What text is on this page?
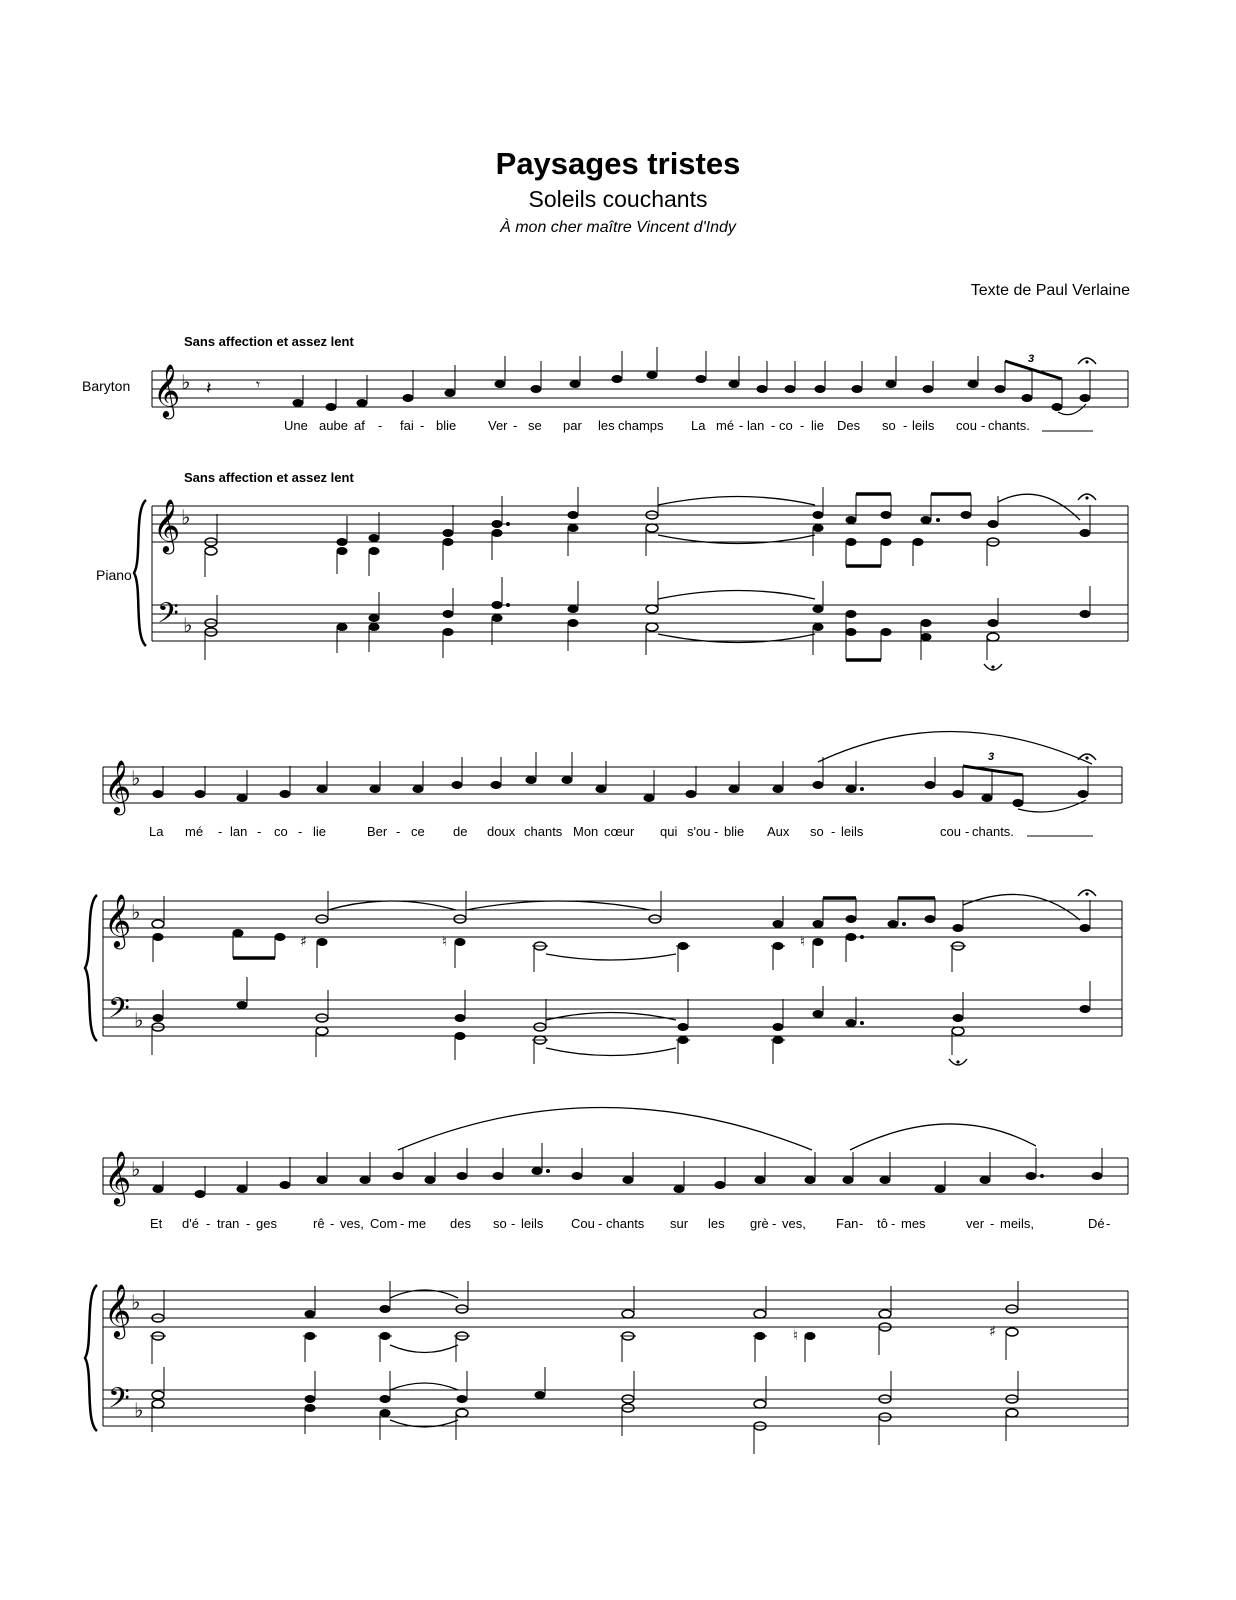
Paysages tristes
Soleils couchants
À mon cher maître Vincent d'Indy
Texte de Paul Verlaine
Baryton
Piano
Sans affection et assez lent
Sans affection et assez lent
𝄞 ♭
𝄞 ♭
𝄢 ♭
𝄽	𝄾
3
Une aube af - fai - blie Ver - se par les champs La mé - lan - co - lie Des so - leils cou - chants.
𝄞 ♭
𝄞 ♭
𝄢 ♭
3
La mé - lan - co - lie	Ber - ce de doux chants Mon cœur qui s'ou - blie Aux so - leils	cou - chants.
♯	♮	♮
𝄞 ♭
𝄞 ♭
𝄢 ♭
Et d'é - tran - ges	rê - ves, Com - me des so - leils Cou - chants sur les grè - ves, Fan - tô - mes	ver - meils,	Dé -
♮	♯
